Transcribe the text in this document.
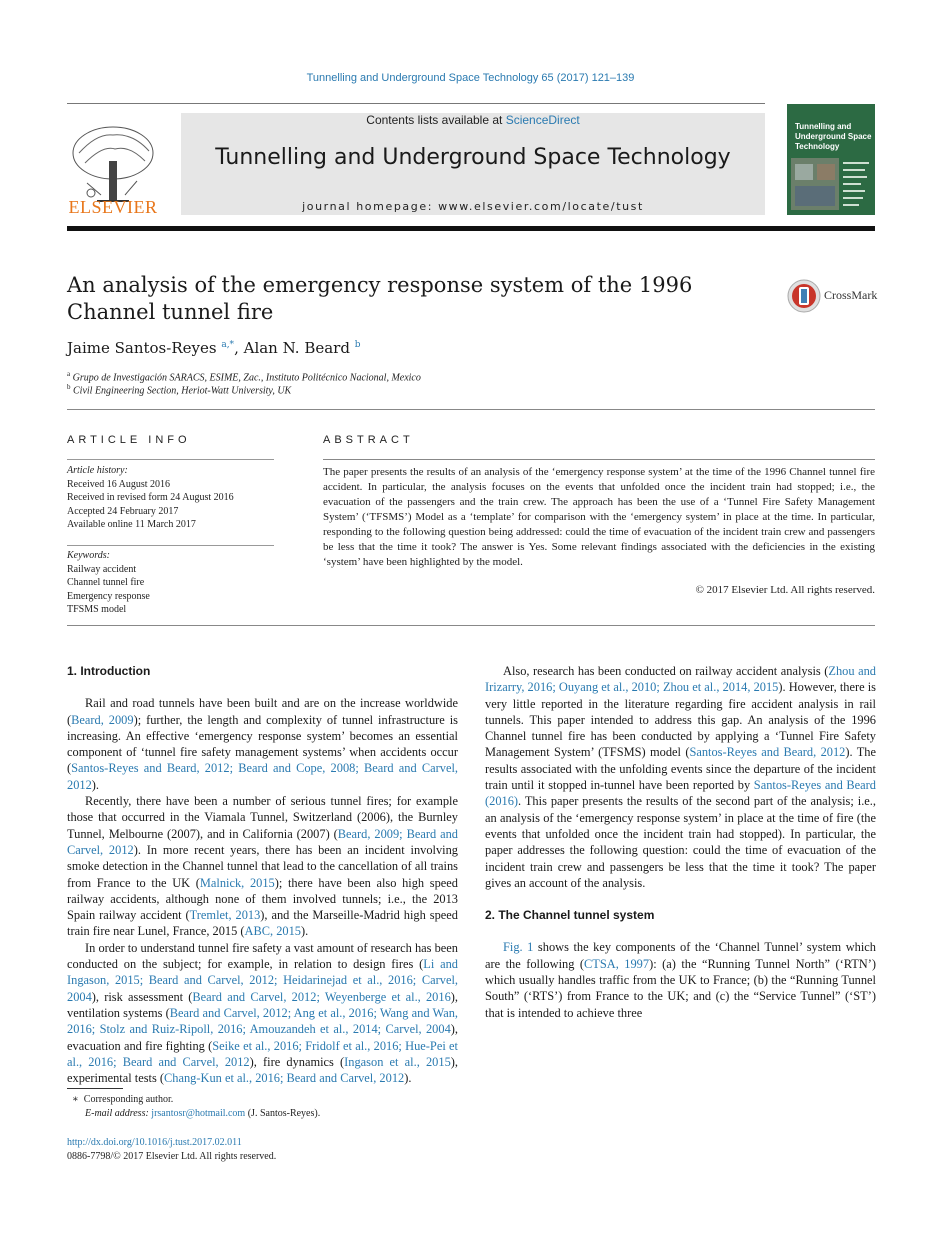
Tunnelling and Underground Space Technology 65 (2017) 121–139
ELSEVIER
Contents lists available at ScienceDirect
Tunnelling and Underground Space Technology
journal homepage: www.elsevier.com/locate/tust
Tunnelling and Underground Space Technology
An analysis of the emergency response system of the 1996 Channel tunnel fire
CrossMark
Jaime Santos-Reyes $^{a,*}$, Alan N. Beard $^b$
$^a$ Grupo de Investigación SARACS, ESIME, Zac., Instituto Politécnico Nacional, Mexico
$^b$ Civil Engineering Section, Heriot-Watt University, UK
ARTICLE INFO
Article history:
Received 16 August 2016
Received in revised form 24 August 2016
Accepted 24 February 2017
Available online 11 March 2017
Keywords:
Railway accident
Channel tunnel fire
Emergency response
TFSMS model
ABSTRACT
The paper presents the results of an analysis of the ‘emergency response system’ at the time of the 1996 Channel tunnel fire accident. In particular, the analysis focuses on the events that unfolded once the incident train had stopped; i.e., the evacuation of the passengers and the train crew. The approach has been the use of a ‘Tunnel Fire Safety Management System’ (‘TFSMS’) Model as a ‘template’ for comparison with the ‘emergency system’ in place at the time. In particular, responding to the following question being addressed: could the time of evacuation of the incident train crew and passengers be less that the time it took? The answer is Yes. Some relevant findings associated with the deficiencies in the existing ‘system’ have been highlighted by the model.
© 2017 Elsevier Ltd. All rights reserved.
1. Introduction

Rail and road tunnels have been built and are on the increase worldwide (Beard, 2009); further, the length and complexity of tunnel infrastructure is increasing. An effective ‘emergency response system’ becomes an essential component of ‘tunnel fire safety management systems’ when accidents occur (Santos-Reyes and Beard, 2012; Beard and Cope, 2008; Beard and Carvel, 2012).

Recently, there have been a number of serious tunnel fires; for example those that occurred in the Viamala Tunnel, Switzerland (2006), the Burnley Tunnel, Melbourne (2007), and in California (2007) (Beard, 2009; Beard and Carvel, 2012). In more recent years, there has been an incident involving smoke detection in the Channel tunnel that lead to the cancellation of all trains from France to the UK (Malnick, 2015); there have been also high speed railway accidents, although none of them involved tunnels; i.e., the 2013 Spain railway accident (Tremlet, 2013), and the Marseille-Madrid high speed train fire near Lunel, France, 2015 (ABC, 2015).

In order to understand tunnel fire safety a vast amount of research has been conducted on the subject; for example, in relation to design fires (Li and Ingason, 2015; Beard and Carvel, 2012; Heidarinejad et al., 2016; Carvel, 2004), risk assessment (Beard and Carvel, 2012; Weyenberge et al., 2016), ventilation systems (Beard and Carvel, 2012; Ang et al., 2016; Wang and Wan, 2016; Stolz and Ruiz-Ripoll, 2016; Amouzandeh et al., 2014; Carvel, 2004), evacuation and fire fighting (Seike et al., 2016; Fridolf et al., 2016; Hue-Pei et al., 2016; Beard and Carvel, 2012), fire dynamics (Ingason et al., 2015), experimental tests (Chang-Kun et al., 2016; Beard and Carvel, 2012).

Also, research has been conducted on railway accident analysis (Zhou and Irizarry, 2016; Ouyang et al., 2010; Zhou et al., 2014, 2015). However, there is very little reported in the literature regarding fire accident analysis in rail tunnels. This paper intended to address this gap. An analysis of the 1996 Channel tunnel fire has been conducted by applying a ‘Tunnel Fire Safety Management System’ (TFSMS) model (Santos-Reyes and Beard, 2012). The results associated with the unfolding events since the departure of the incident train until it stopped in-tunnel have been reported by Santos-Reyes and Beard (2016). This paper presents the results of the second part of the analysis; i.e., an analysis of the ‘emergency response system’ in place at the time of fire (the events that unfolded once the incident train had stopped). In particular, the paper addresses the following question: could the time of evacuation of the incident train crew and passengers be less that the time it took? The paper gives an account of the analysis.

2. The Channel tunnel system

Fig. 1 shows the key components of the ‘Channel Tunnel’ system which are the following (CTSA, 1997): (a) the “Running Tunnel North” (‘RTN’) which usually handles traffic from the UK to France; (b) the “Running Tunnel South” (‘RTS’) from France to the UK; and (c) the “Service Tunnel” (‘ST’) that is intended to achieve three

∗  Corresponding author.
E-mail address: jrsantosr@hotmail.com (J. Santos-Reyes).
http://dx.doi.org/10.1016/j.tust.2017.02.011
0886-7798/© 2017 Elsevier Ltd. All rights reserved.
